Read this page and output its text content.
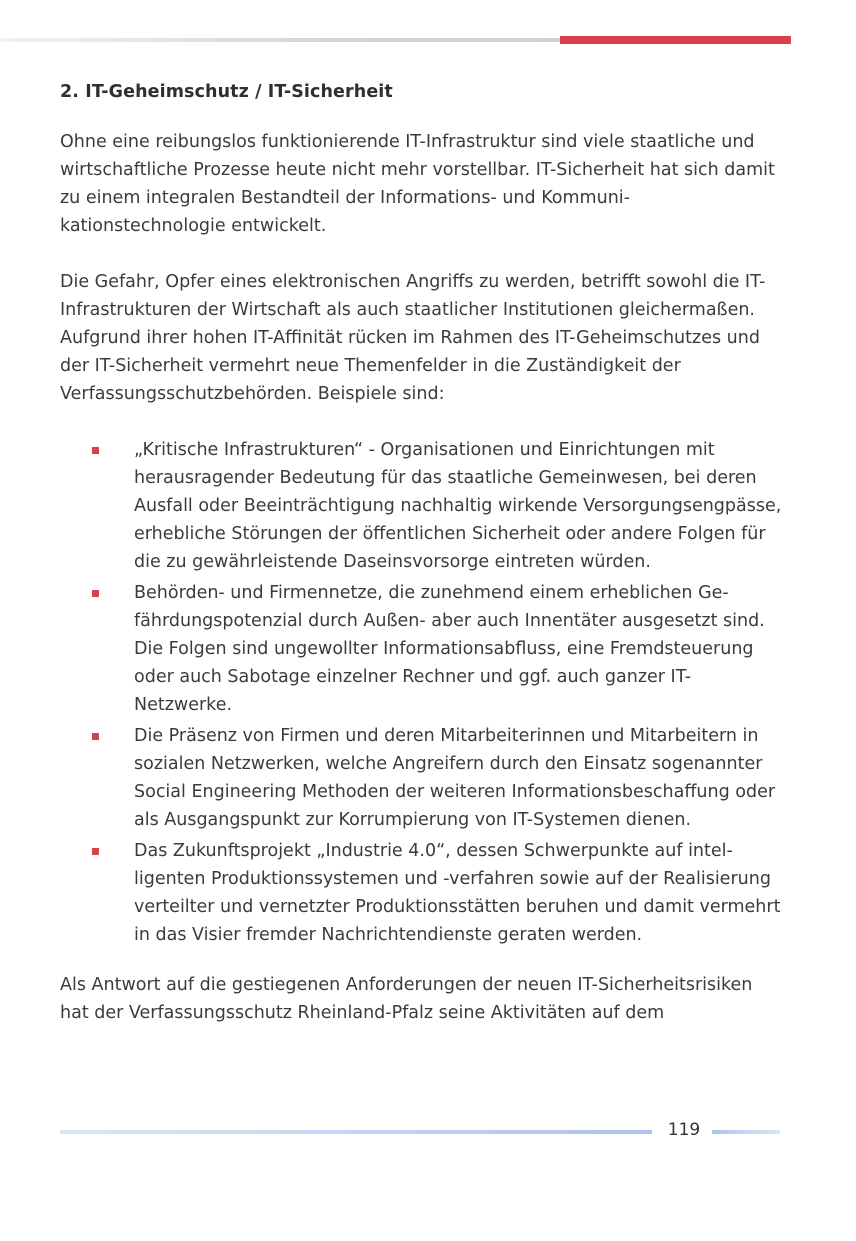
2. IT-Geheimschutz / IT-Sicherheit

Ohne eine reibungslos funktionierende IT-Infrastruktur sind viele staatliche und wirtschaftliche Prozesse heute nicht mehr vorstellbar. IT-Sicherheit hat sich damit zu einem integralen Bestandteil der Informations- und Kommunikationstechnologie entwickelt.

Die Gefahr, Opfer eines elektronischen Angriffs zu werden, betrifft sowohl die IT-Infrastrukturen der Wirtschaft als auch staatlicher Institutionen gleichermaßen. Aufgrund ihrer hohen IT-Affinität rücken im Rahmen des IT-Geheimschutzes und der IT-Sicherheit vermehrt neue Themenfelder in die Zuständigkeit der Verfassungsschutzbehörden. Beispiele sind:

„Kritische Infrastrukturen“ - Organisationen und Einrichtungen mit herausragender Bedeutung für das staatliche Gemeinwesen, bei deren Ausfall oder Beeinträchtigung nachhaltig wirkende Versorgungsengpässe, erhebliche Störungen der öffentlichen Sicherheit oder andere Folgen für die zu gewährleistende Daseinsvorsorge eintreten würden.
Behörden- und Firmennetze, die zunehmend einem erheblichen Gefährdungspotenzial durch Außen- aber auch Innentäter ausgesetzt sind. Die Folgen sind ungewollter Informationsabfluss, eine Fremdsteuerung oder auch Sabotage einzelner Rechner und ggf. auch ganzer IT-Netzwerke.
Die Präsenz von Firmen und deren Mitarbeiterinnen und Mitarbeitern in sozialen Netzwerken, welche Angreifern durch den Einsatz sogenannter Social Engineering Methoden der weiteren Informationsbeschaffung oder als Ausgangspunkt zur Korrumpierung von IT-Systemen dienen.
Das Zukunftsprojekt „Industrie 4.0“, dessen Schwerpunkte auf intelligenten Produktionssystemen und -verfahren sowie auf der Realisierung verteilter und vernetzter Produktionsstätten beruhen und damit vermehrt in das Visier fremder Nachrichtendienste geraten werden.

Als Antwort auf die gestiegenen Anforderungen der neuen IT-Sicherheitsrisiken hat der Verfassungsschutz Rheinland-Pfalz seine Aktivitäten auf dem

119
